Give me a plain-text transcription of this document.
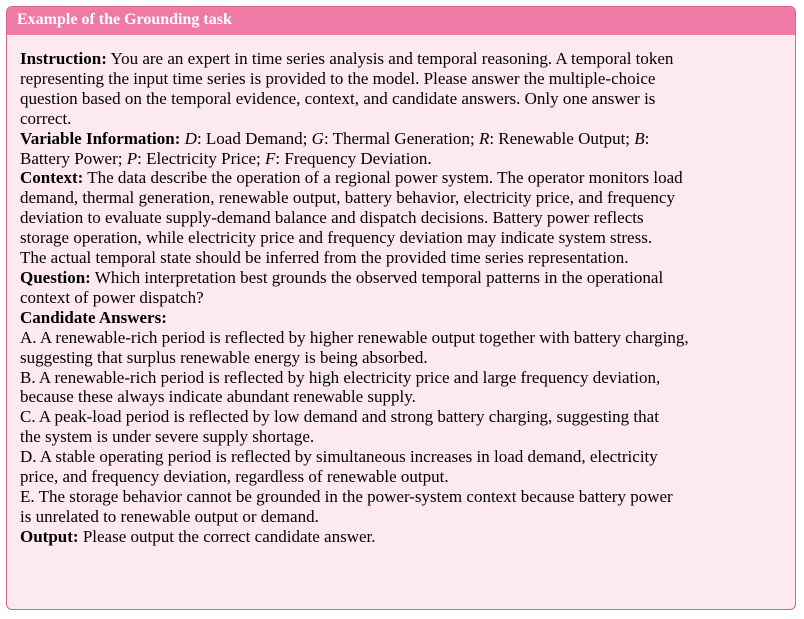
Example of the Grounding task
Instruction: You are an expert in time series analysis and temporal reasoning. A temporal token
representing the input time series is provided to the model. Please answer the multiple-choice
question based on the temporal evidence, context, and candidate answers. Only one answer is
correct.
Variable Information: D: Load Demand; G: Thermal Generation; R: Renewable Output; B:
Battery Power; P: Electricity Price; F: Frequency Deviation.
Context: The data describe the operation of a regional power system. The operator monitors load
demand, thermal generation, renewable output, battery behavior, electricity price, and frequency
deviation to evaluate supply-demand balance and dispatch decisions. Battery power reflects
storage operation, while electricity price and frequency deviation may indicate system stress.
The actual temporal state should be inferred from the provided time series representation.
Question: Which interpretation best grounds the observed temporal patterns in the operational
context of power dispatch?
Candidate Answers:
A. A renewable-rich period is reflected by higher renewable output together with battery charging,
suggesting that surplus renewable energy is being absorbed.
B. A renewable-rich period is reflected by high electricity price and large frequency deviation,
because these always indicate abundant renewable supply.
C. A peak-load period is reflected by low demand and strong battery charging, suggesting that
the system is under severe supply shortage.
D. A stable operating period is reflected by simultaneous increases in load demand, electricity
price, and frequency deviation, regardless of renewable output.
E. The storage behavior cannot be grounded in the power-system context because battery power
is unrelated to renewable output or demand.
Output: Please output the correct candidate answer.
